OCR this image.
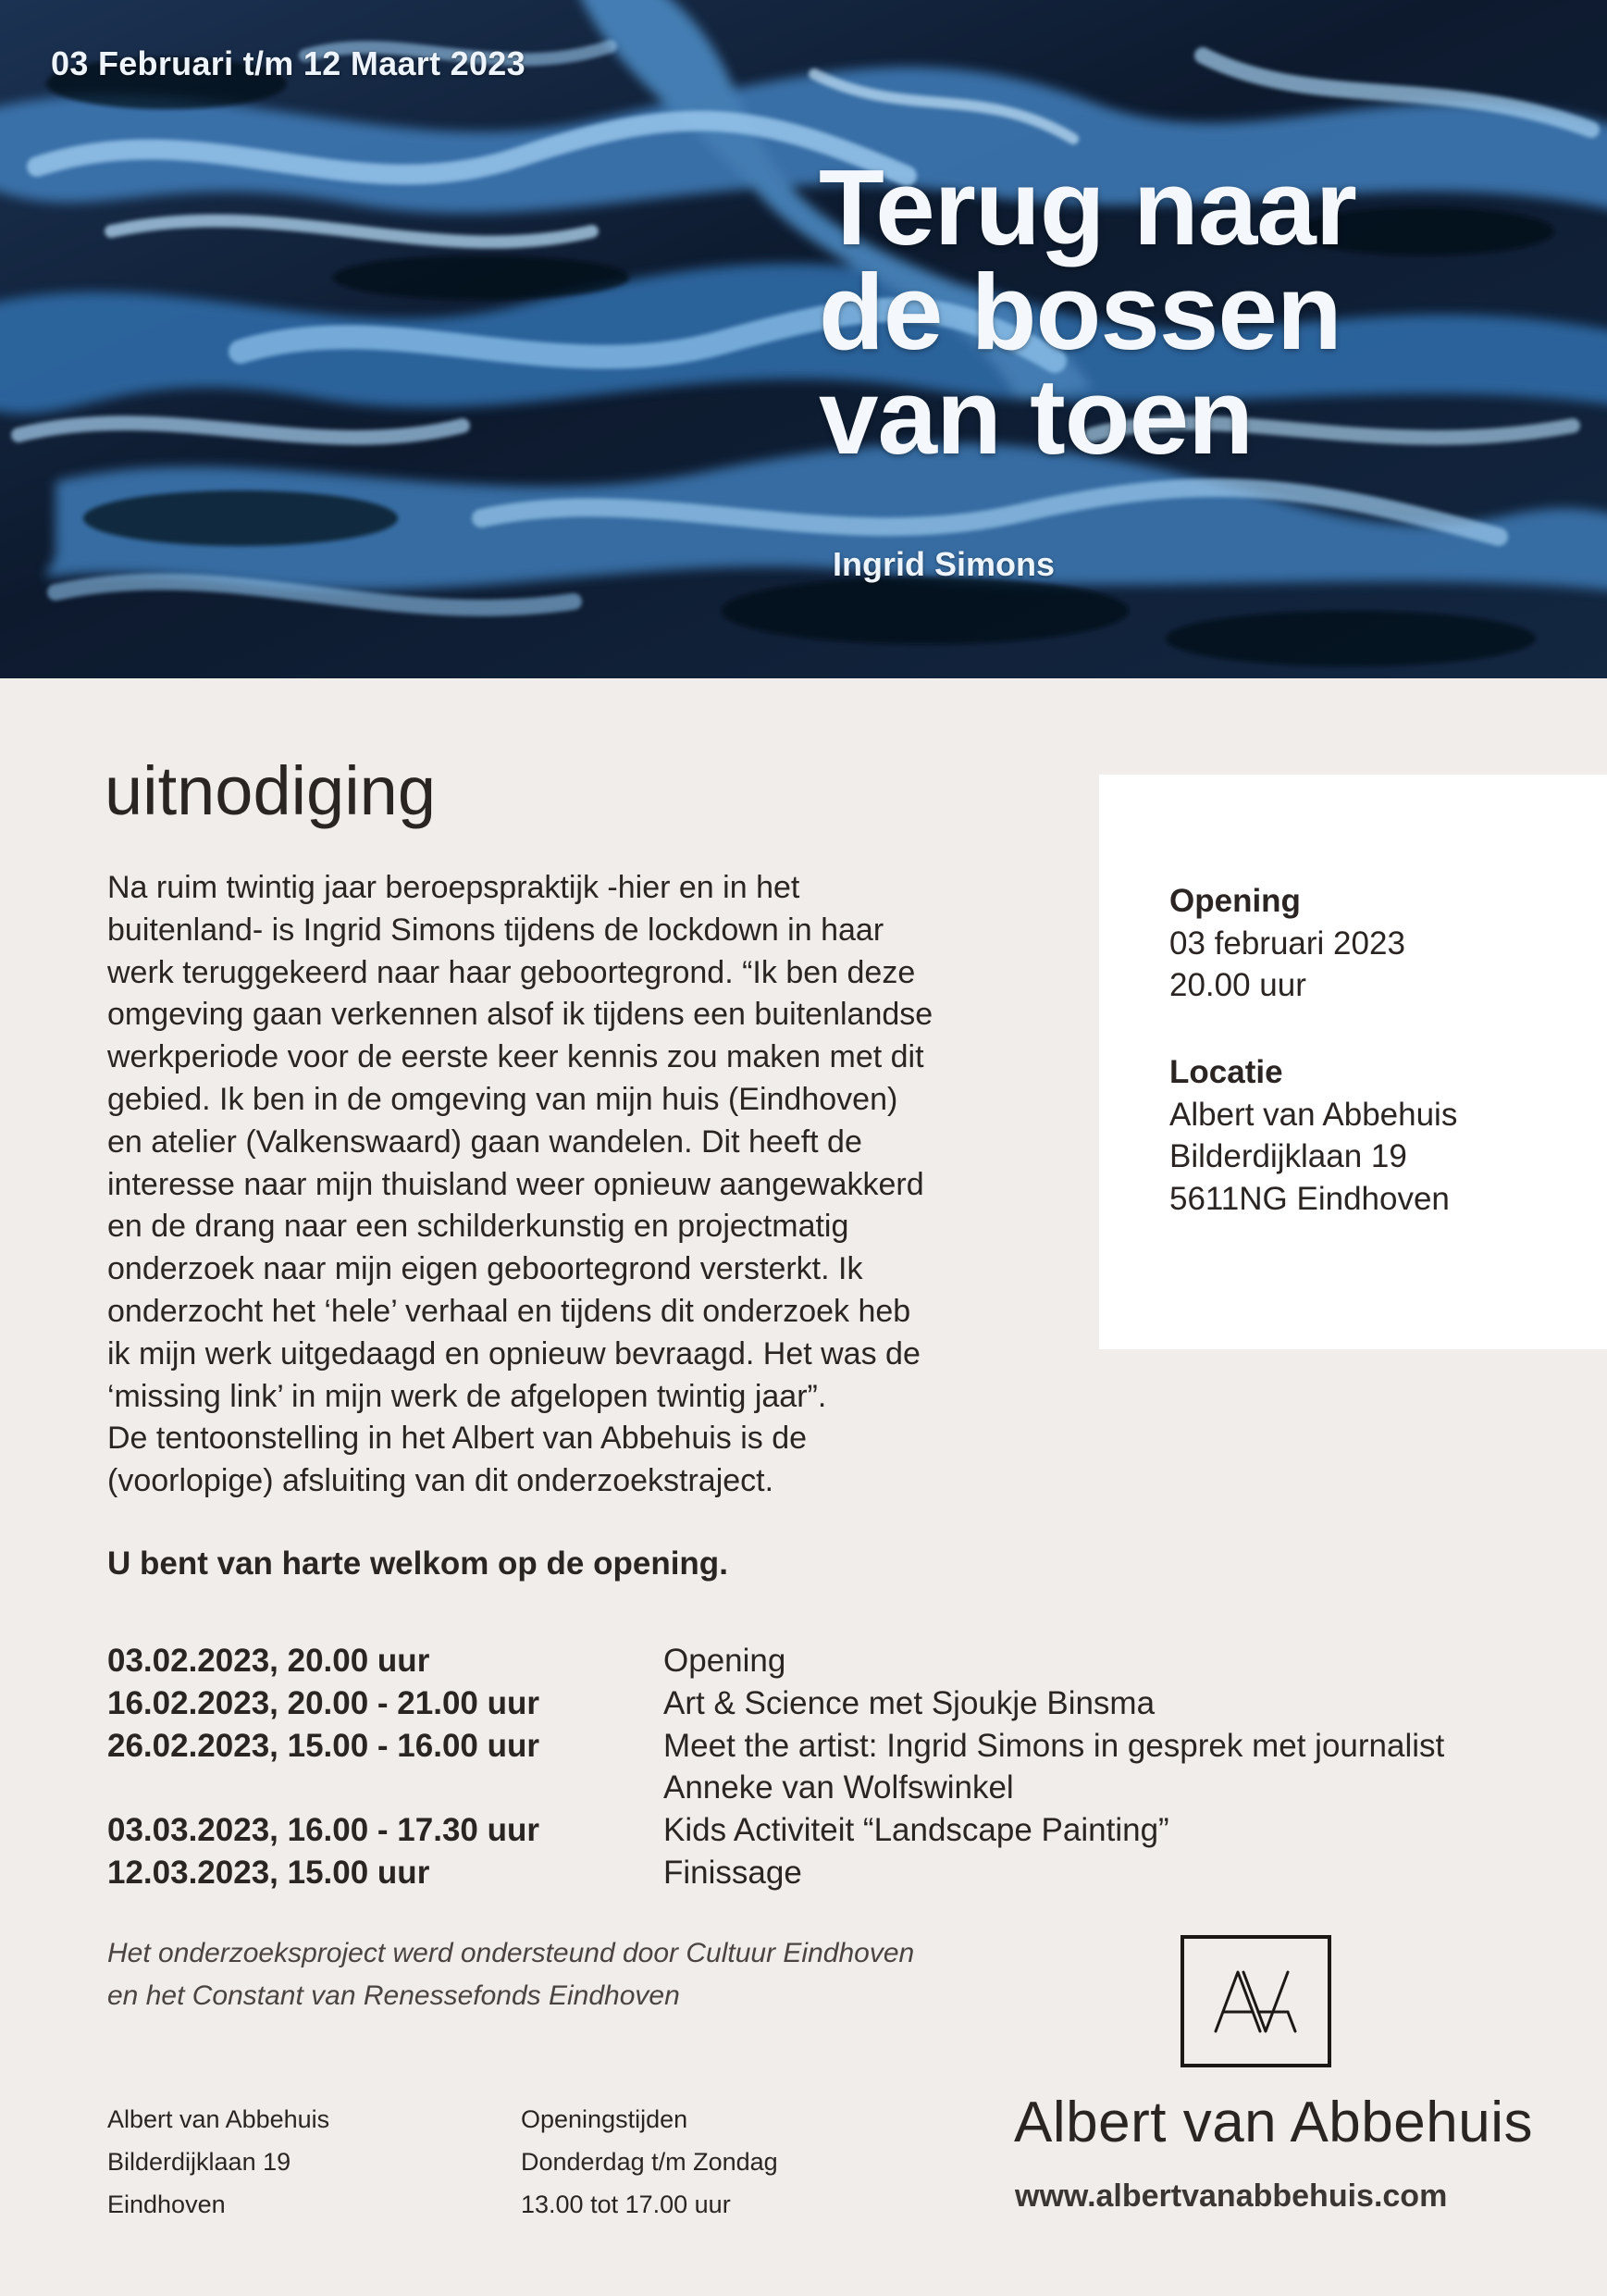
03 Februari t/m 12 Maart 2023
Terug naar
de bossen
van toen
Ingrid Simons
uitnodiging
Na ruim twintig jaar beroepspraktijk -hier en in het
buitenland- is Ingrid Simons tijdens de lockdown in haar
werk teruggekeerd naar haar geboortegrond. “Ik ben deze
omgeving gaan verkennen alsof ik tijdens een buitenlandse
werkperiode voor de eerste keer kennis zou maken met dit
gebied. Ik ben in de omgeving van mijn huis (Eindhoven)
en atelier (Valkenswaard) gaan wandelen. Dit heeft de
interesse naar mijn thuisland weer opnieuw aangewakkerd
en de drang naar een schilderkunstig en projectmatig
onderzoek naar mijn eigen geboortegrond versterkt. Ik
onderzocht het ‘hele’ verhaal en tijdens dit onderzoek heb
ik mijn werk uitgedaagd en opnieuw bevraagd. Het was de
‘missing link’ in mijn werk de afgelopen twintig jaar”.
De tentoonstelling in het Albert van Abbehuis is de
(voorlopige) afsluiting van dit onderzoekstraject.

U bent van harte welkom op de opening.

03.02.2023, 20.00 uur	Opening
16.02.2023, 20.00 - 21.00 uur	Art & Science met Sjoukje Binsma
26.02.2023, 15.00 - 16.00 uur	Meet the artist: Ingrid Simons in gesprek met journalist
Anneke van Wolfswinkel
03.03.2023, 16.00 - 17.30 uur	Kids Activiteit “Landscape Painting”
12.03.2023, 15.00 uur	Finissage
Het onderzoeksproject werd ondersteund door Cultuur Eindhoven
en het Constant van Renessefonds Eindhoven
Opening
03 februari 2023
20.00 uur
Locatie
Albert van Abbehuis
Bilderdijklaan 19
5611NG Eindhoven
Albert van Abbehuis
Bilderdijklaan 19
Eindhoven
Openingstijden
Donderdag t/m Zondag
13.00 tot 17.00 uur
Albert van Abbehuis
www.albertvanabbehuis.com
